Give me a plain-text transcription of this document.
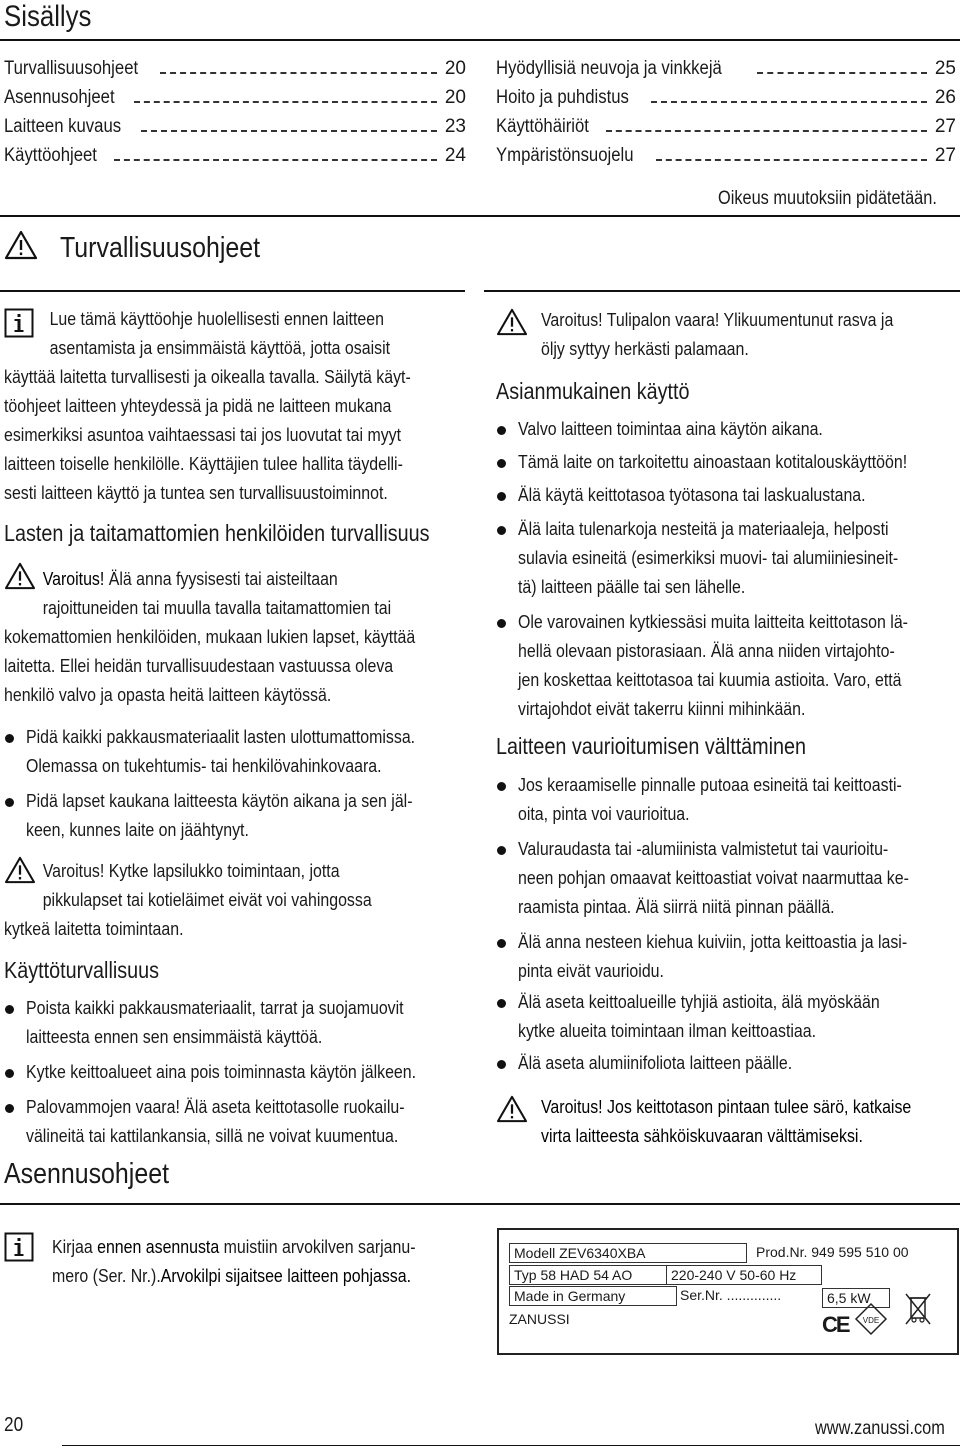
Sisällys
Turvallisuusohjeet	20
Asennusohjeet	20
Laitteen kuvaus	23
Käyttöohjeet	24
Hyödyllisiä neuvoja ja vinkkejä	25
Hoito ja puhdistus	26
Käyttöhäiriöt	27
Ympäristönsuojelu	27
Oikeus muutoksiin pidätetään.
Turvallisuusohjeet
Lue tämä käyttöohje huolellisesti ennen laitteen
asentamista ja ensimmäistä käyttöä, jotta osaisit
käyttää laitetta turvallisesti ja oikealla tavalla. Säilytä käyt-
töohjeet laitteen yhteydessä ja pidä ne laitteen mukana
esimerkiksi asuntoa vaihtaessasi tai jos luovutat tai myyt
laitteen toiselle henkilölle. Käyttäjien tulee hallita täydelli-
sesti laitteen käyttö ja tuntea sen turvallisuustoiminnot.
Lasten ja taitamattomien henkilöiden turvallisuus
Varoitus! Älä anna fyysisesti tai aisteiltaan
rajoittuneiden tai muulla tavalla taitamattomien tai
kokemattomien henkilöiden, mukaan lukien lapset, käyttää
laitetta. Ellei heidän turvallisuudestaan vastuussa oleva
henkilö valvo ja opasta heitä laitteen käytössä.
Pidä kaikki pakkausmateriaalit lasten ulottumattomissa.
Olemassa on tukehtumis- tai henkilövahinkovaara.
Pidä lapset kaukana laitteesta käytön aikana ja sen jäl-
keen, kunnes laite on jäähtynyt.
Varoitus! Kytke lapsilukko toimintaan, jotta
pikkulapset tai kotieläimet eivät voi vahingossa
kytkeä laitetta toimintaan.
Käyttöturvallisuus
Poista kaikki pakkausmateriaalit, tarrat ja suojamuovit
laitteesta ennen sen ensimmäistä käyttöä.
Kytke keittoalueet aina pois toiminnasta käytön jälkeen.
Palovammojen vaara! Älä aseta keittotasolle ruokailu-
välineitä tai kattilankansia, sillä ne voivat kuumentua.
Asennusohjeet
Kirjaa ennen asennusta muistiin arvokilven sarjanu-
mero (Ser. Nr.).Arvokilpi sijaitsee laitteen pohjassa.
Varoitus! Tulipalon vaara! Ylikuumentunut rasva ja
öljy syttyy herkästi palamaan.
Asianmukainen käyttö
Valvo laitteen toimintaa aina käytön aikana.
Tämä laite on tarkoitettu ainoastaan kotitalouskäyttöön!
Älä käytä keittotasoa työtasona tai laskualustana.
Älä laita tulenarkoja nesteitä ja materiaaleja, helposti
sulavia esineitä (esimerkiksi muovi- tai alumiiniesineit-
tä) laitteen päälle tai sen lähelle.
Ole varovainen kytkiessäsi muita laitteita keittotason lä-
hellä olevaan pistorasiaan. Älä anna niiden virtajohto-
jen koskettaa keittotasoa tai kuumia astioita. Varo, että
virtajohdot eivät takerru kiinni mihinkään.
Laitteen vaurioitumisen välttäminen
Jos keraamiselle pinnalle putoaa esineitä tai keittoasti-
oita, pinta voi vaurioitua.
Valuraudasta tai -alumiinista valmistetut tai vaurioitu-
neen pohjan omaavat keittoastiat voivat naarmuttaa ke-
raamista pintaa. Älä siirrä niitä pinnan päällä.
Älä anna nesteen kiehua kuiviin, jotta keittoastia ja lasi-
pinta eivät vaurioidu.
Älä aseta keittoalueille tyhjiä astioita, älä myöskään
kytke alueita toimintaan ilman keittoastiaa.
Älä aseta alumiinifoliota laitteen päälle.
Varoitus! Jos keittotason pintaan tulee särö, katkaise
virta laitteesta sähköiskuvaaran välttämiseksi.
Modell ZEV6340XBA	Prod.Nr. 949 595 510 00
Typ 58 HAD 54 AO	220-240 V 50-60 Hz
Made in Germany	Ser.Nr. ..............	6,5 kW
ZANUSSI	CE VDE
20	www.zanussi.com
